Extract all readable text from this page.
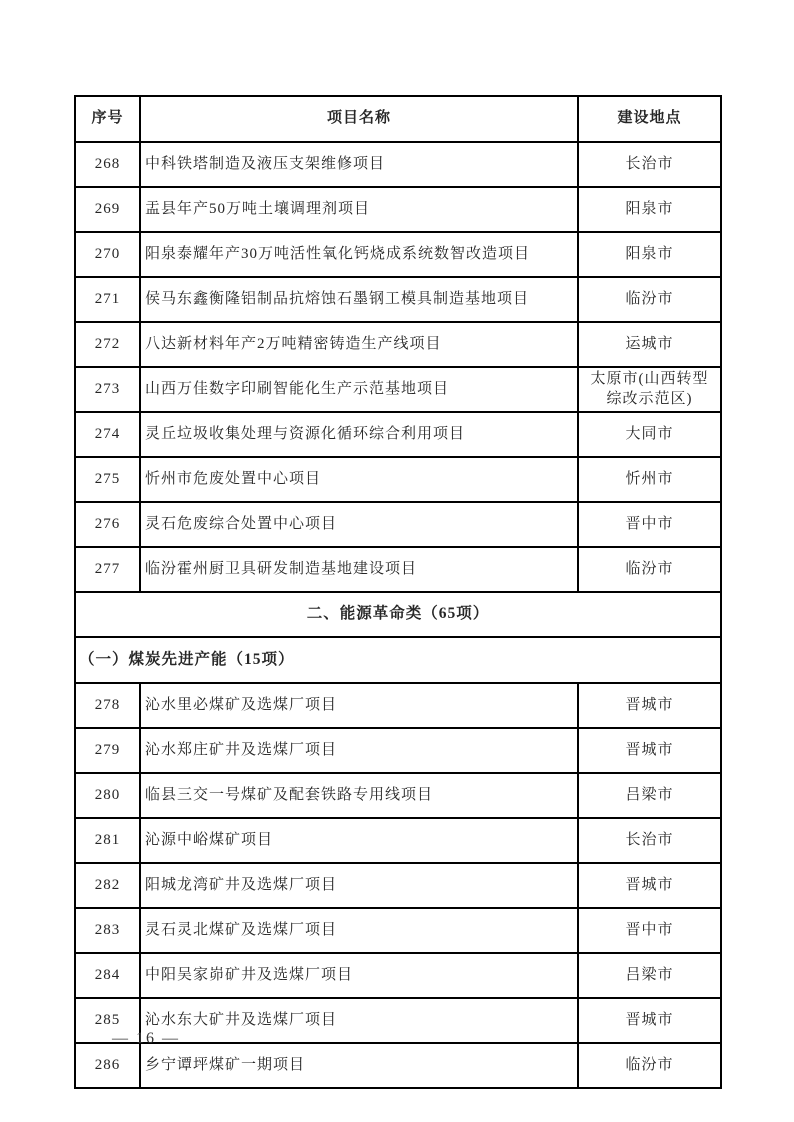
序号	项目名称	建设地点
268	中科铁塔制造及液压支架维修项目	长治市
269	盂县年产50万吨土壤调理剂项目	阳泉市
270	阳泉泰耀年产30万吨活性氧化钙烧成系统数智改造项目	阳泉市
271	侯马东鑫衡隆铝制品抗熔蚀石墨钢工模具制造基地项目	临汾市
272	八达新材料年产2万吨精密铸造生产线项目	运城市
273	山西万佳数字印刷智能化生产示范基地项目	太原市(山西转型综改示范区)
274	灵丘垃圾收集处理与资源化循环综合利用项目	大同市
275	忻州市危废处置中心项目	忻州市
276	灵石危废综合处置中心项目	晋中市
277	临汾霍州厨卫具研发制造基地建设项目	临汾市
二、能源革命类（65项）		
（一）煤炭先进产能（15项）		
278	沁水里必煤矿及选煤厂项目	晋城市
279	沁水郑庄矿井及选煤厂项目	晋城市
280	临县三交一号煤矿及配套铁路专用线项目	吕梁市
281	沁源中峪煤矿项目	长治市
282	阳城龙湾矿井及选煤厂项目	晋城市
283	灵石灵北煤矿及选煤厂项目	晋中市
284	中阳吴家峁矿井及选煤厂项目	吕梁市
285	沁水东大矿井及选煤厂项目	晋城市
286	乡宁谭坪煤矿一期项目	临汾市
— 16 —
